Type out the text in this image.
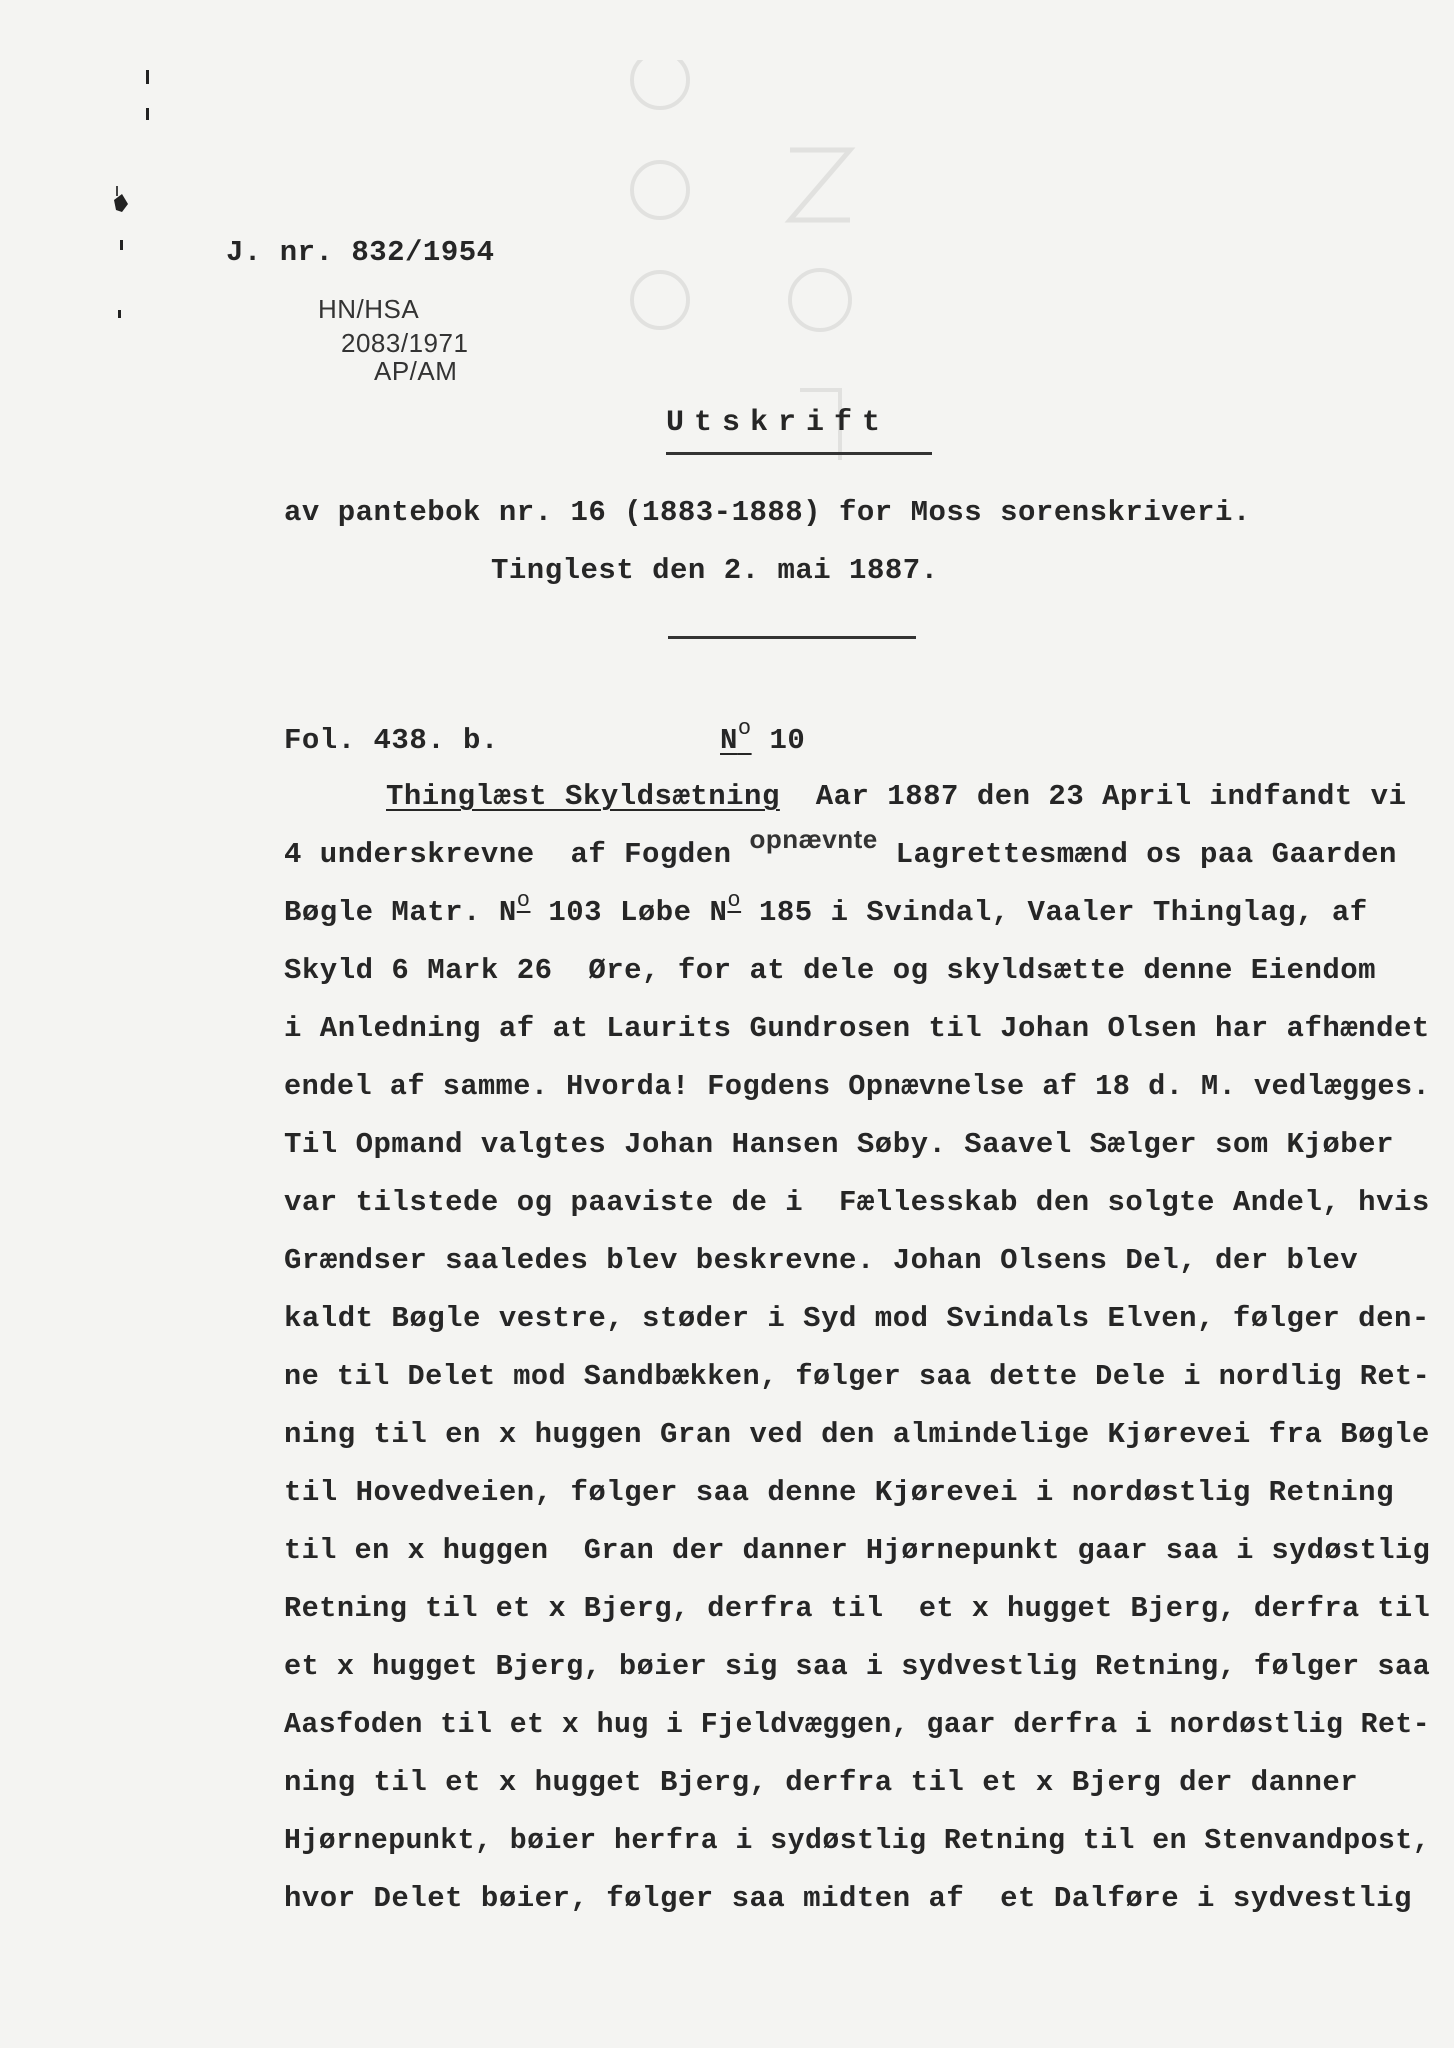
J. nr. 832/1954
HN/HSA
2083/1971
AP/AM
Utskrift
av pantebok nr. 16 (1883-1888) for Moss sorenskriveri.
Tinglest den 2. mai 1887.
Fol. 438. b.	$N^o$ 10
Thinglæst Skyldsætning Aar 1887 den 23 April indfandt vi
4 underskrevne  af Fogden opnævnte Lagrettesmænd os paa Gaarden
Bøgle Matr. $N^o$ 103 Løbe $N^o$ 185 i Svindal, Vaaler Thinglag, af
Skyld 6 Mark 26  Øre, for at dele og skyldsætte denne Eiendom
i Anledning af at Laurits Gundrosen til Johan Olsen har afhændet
endel af samme. Hvorda! Fogdens Opnævnelse af 18 d. M. vedlægges.
Til Opmand valgtes Johan Hansen Søby. Saavel Sælger som Kjøber
var tilstede og paaviste de i  Fællesskab den solgte Andel, hvis
Grændser saaledes blev beskrevne. Johan Olsens Del, der blev
kaldt Bøgle vestre, støder i Syd mod Svindals Elven, følger den-
ne til Delet mod Sandbækken, følger saa dette Dele i nordlig Ret-
ning til en x huggen Gran ved den almindelige Kjørevei fra Bøgle
til Hovedveien, følger saa denne Kjørevei i nordøstlig Retning
til en x huggen  Gran der danner Hjørnepunkt gaar saa i sydøstlig
Retning til et x Bjerg, derfra til  et x hugget Bjerg, derfra til
et x hugget Bjerg, bøier sig saa i sydvestlig Retning, følger saa
Aasfoden til et x hug i Fjeldvæggen, gaar derfra i nordøstlig Ret-
ning til et x hugget Bjerg, derfra til et x Bjerg der danner
Hjørnepunkt, bøier herfra i sydøstlig Retning til en Stenvandpost,
hvor Delet bøier, følger saa midten af  et Dalføre i sydvestlig
